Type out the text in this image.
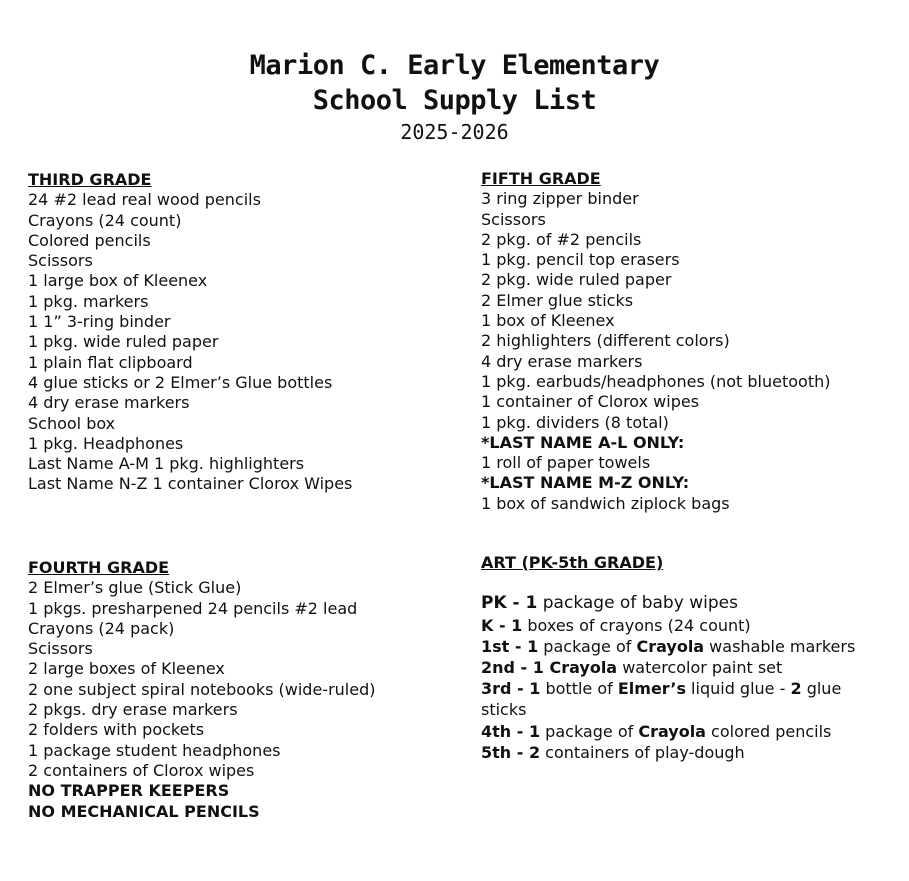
Marion C. Early Elementary
School Supply List
2025-2026
THIRD GRADE
24 #2 lead real wood pencils
Crayons (24 count)
Colored pencils
Scissors
1 large box of Kleenex
1 pkg. markers
1 1” 3-ring binder
1 pkg. wide ruled paper
1 plain flat clipboard
4 glue sticks or 2 Elmer’s Glue bottles
4 dry erase markers
School box
1 pkg. Headphones
Last Name A-M 1 pkg. highlighters
Last Name N-Z 1 container Clorox Wipes
FOURTH GRADE
2 Elmer’s glue (Stick Glue)
1 pkgs. presharpened 24 pencils #2 lead
Crayons (24 pack)
Scissors
2 large boxes of Kleenex
2 one subject spiral notebooks (wide-ruled)
2 pkgs. dry erase markers
2 folders with pockets
1 package student headphones
2 containers of Clorox wipes
NO TRAPPER KEEPERS
NO MECHANICAL PENCILS
FIFTH GRADE
3 ring zipper binder
Scissors
2 pkg. of #2 pencils
1 pkg. pencil top erasers
2 pkg. wide ruled paper
2 Elmer glue sticks
1 box of Kleenex
2 highlighters (different colors)
4 dry erase markers
1 pkg. earbuds/headphones (not bluetooth)
1 container of Clorox wipes
1 pkg. dividers (8 total)
*LAST NAME A-L ONLY:
1 roll of paper towels
*LAST NAME M-Z ONLY:
1 box of sandwich ziplock bags
ART (PK-5th GRADE)
PK - 1 package of baby wipes
K - 1 boxes of crayons (24 count)
1st - 1 package of Crayola washable markers
2nd - 1 Crayola watercolor paint set
3rd - 1 bottle of Elmer’s liquid glue - 2 glue sticks
4th - 1 package of Crayola colored pencils
5th - 2 containers of play-dough
